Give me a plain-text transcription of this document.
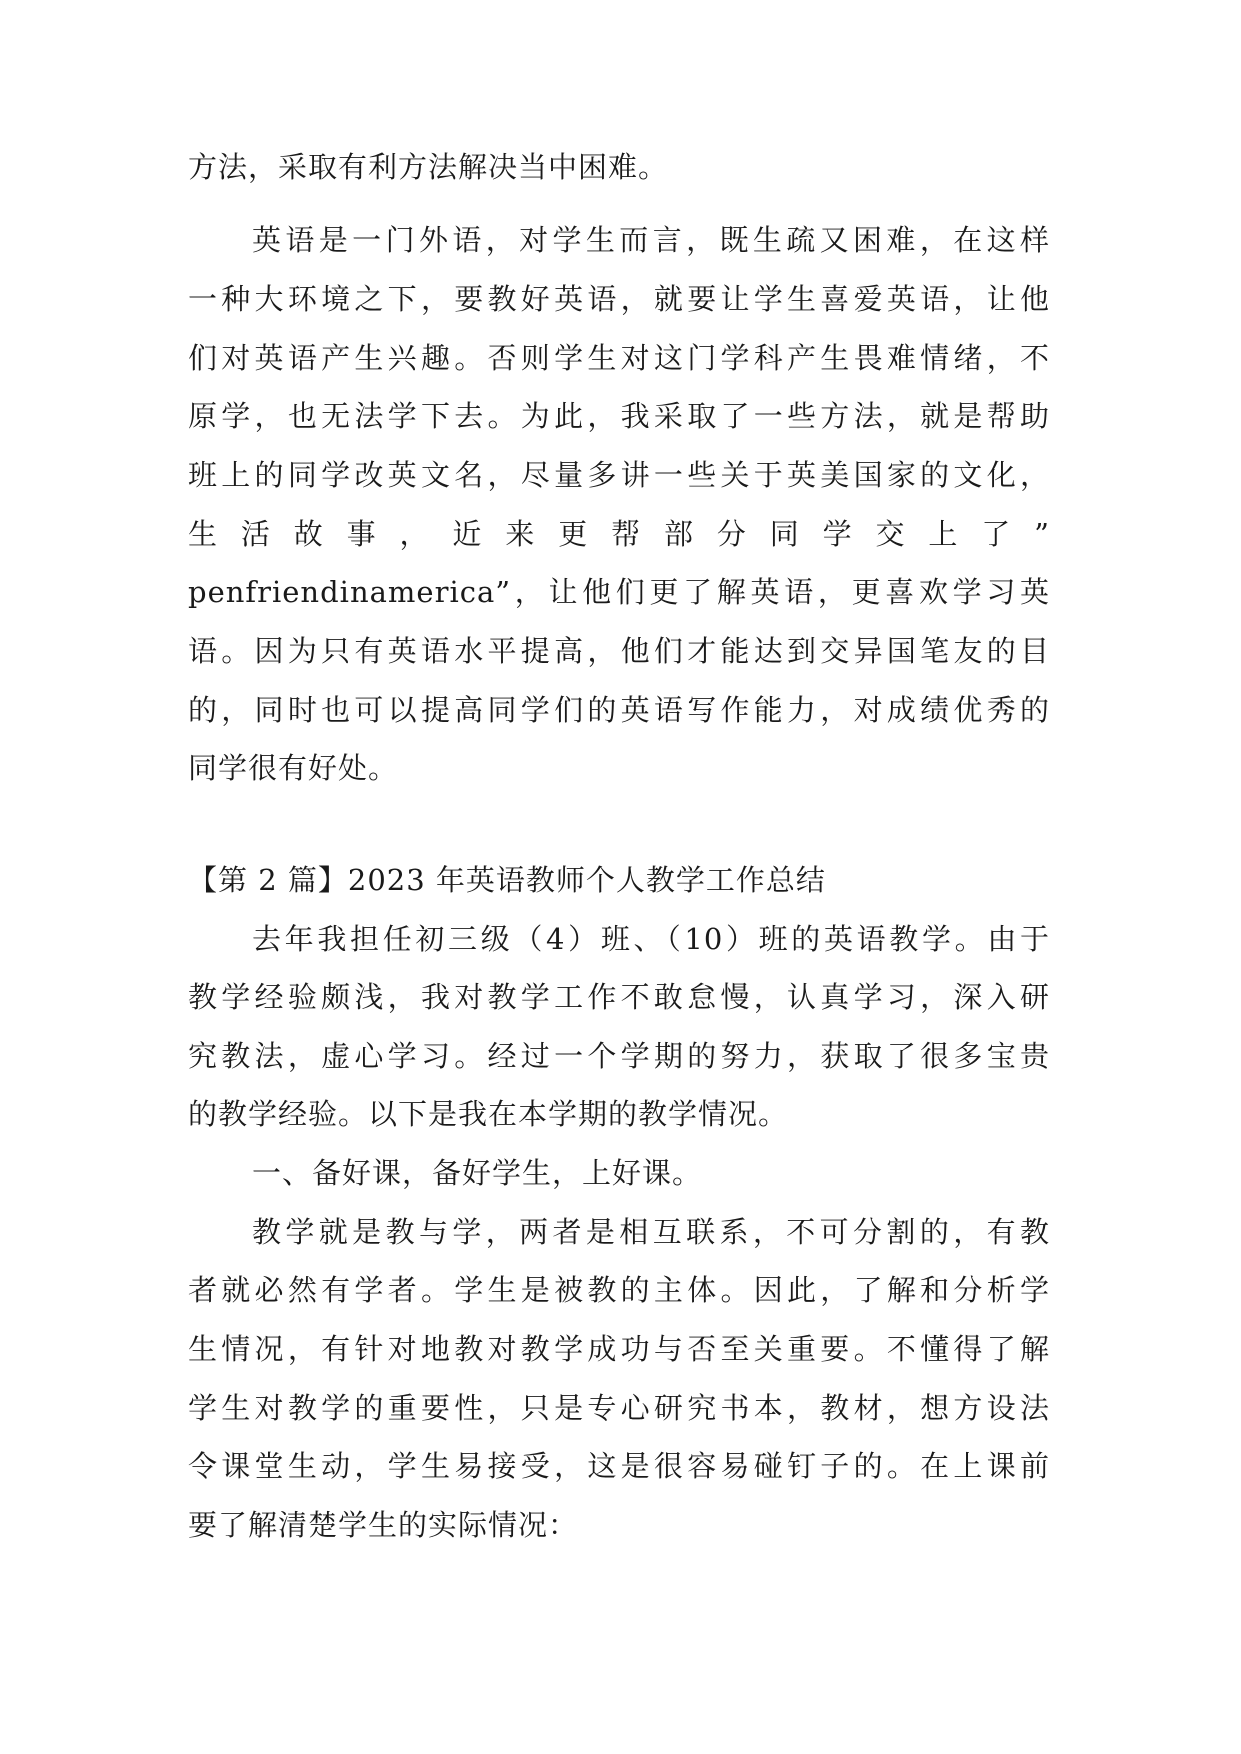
方法，采取有利方法解决当中困难。
英语是一门外语，对学生而言，既生疏又困难，在这样
一种大环境之下，要教好英语，就要让学生喜爱英语，让他
们对英语产生兴趣。否则学生对这门学科产生畏难情绪，不
原学，也无法学下去。为此，我采取了一些方法，就是帮助
班上的同学改英文名，尽量多讲一些关于英美国家的文化，
生活故事，近来更帮部分同学交上了”
penfriendinamerica”，让他们更了解英语，更喜欢学习英
语。因为只有英语水平提高，他们才能达到交异国笔友的目
的，同时也可以提高同学们的英语写作能力，对成绩优秀的
同学很有好处。
【第 2 篇】2023 年英语教师个人教学工作总结
去年我担任初三级（4）班、（10）班的英语教学。由于
教学经验颇浅，我对教学工作不敢怠慢，认真学习，深入研
究教法，虚心学习。经过一个学期的努力，获取了很多宝贵
的教学经验。以下是我在本学期的教学情况。
一、备好课，备好学生，上好课。
教学就是教与学，两者是相互联系，不可分割的，有教
者就必然有学者。学生是被教的主体。因此，了解和分析学
生情况，有针对地教对教学成功与否至关重要。不懂得了解
学生对教学的重要性，只是专心研究书本，教材，想方设法
令课堂生动，学生易接受，这是很容易碰钉子的。在上课前
要了解清楚学生的实际情况：
